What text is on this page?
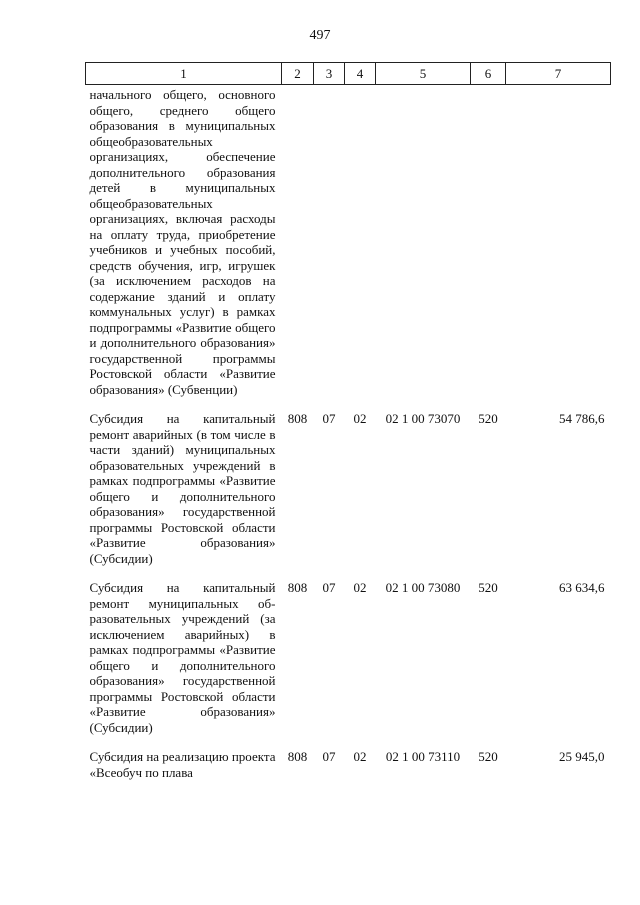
497
1	2	3	4	5	6	7
начального общего, основного общего, среднего общего образования в муниципальных общеобразовательных организациях, обеспечение дополнительного образования детей в муниципальных общеобразовательных организациях, включая расходы на оплату труда, приобретение учебников и учебных пособий, средств обучения, игр, игрушек (за исключением расходов на содержание зданий и оплату коммунальных услуг) в рамках подпрограммы «Развитие общего и дополнительного образования» государственной программы Ростовской области «Развитие образования» (Субвенции)						
Субсидия на капитальный ремонт аварийных (в том числе в части зданий) муниципальных образовательных учреждений в рамках подпрограммы «Развитие общего и дополнительного образования» государственной программы Ростовской области «Развитие образования» (Субсидии)	808	07	02	02 1 00 73070	520	54 786,6
Субсидия на капитальный ремонт муниципальных образовательных учреждений (за исключением аварийных) в рамках подпрограммы «Развитие общего и дополнительного образования» государственной программы Ростовской области «Развитие образования» (Субсидии)	808	07	02	02 1 00 73080	520	63 634,6
Субсидия на реализацию проекта «Всеобуч по плава	808	07	02	02 1 00 73110	520	25 945,0
